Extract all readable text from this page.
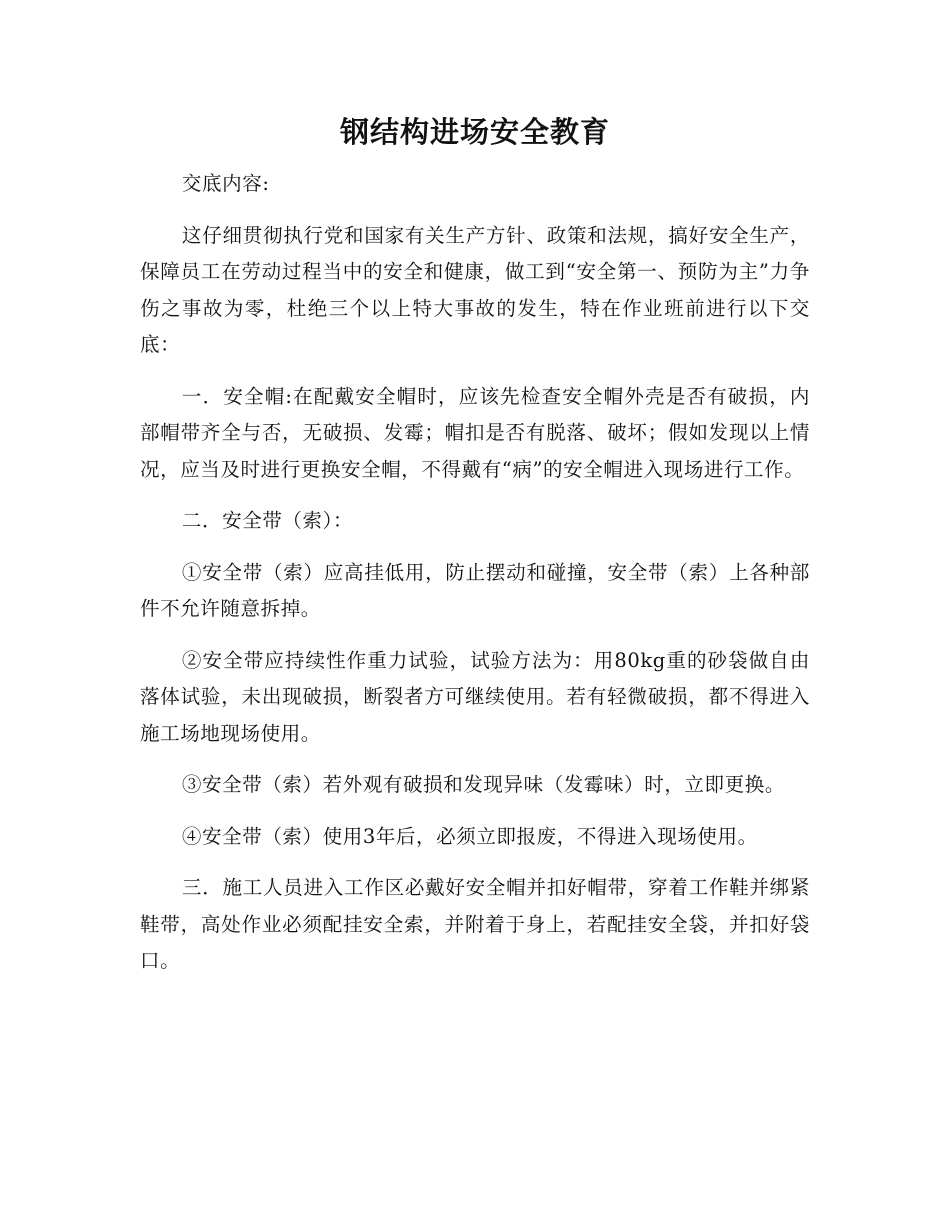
钢结构进场安全教育

交底内容:

这仔细贯彻执行党和国家有关生产方针、政策和法规，搞好安全生产，保障员工在劳动过程当中的安全和健康，做工到“安全第一、预防为主”力争伤之事故为零，杜绝三个以上特大事故的发生，特在作业班前进行以下交底：

一．安全帽:在配戴安全帽时，应该先检查安全帽外壳是否有破损，内部帽带齐全与否，无破损、发霉；帽扣是否有脱落、破坏；假如发现以上情况，应当及时进行更换安全帽，不得戴有“病”的安全帽进入现场进行工作。

二．安全带（索）：

①安全带（索）应高挂低用，防止摆动和碰撞，安全带（索）上各种部件不允许随意拆掉。

②安全带应持续性作重力试验，试验方法为：用80kg重的砂袋做自由落体试验，未出现破损，断裂者方可继续使用。若有轻微破损，都不得进入施工场地现场使用。

③安全带（索）若外观有破损和发现异味（发霉味）时，立即更换。

④安全带（索）使用3年后，必须立即报废，不得进入现场使用。

三．施工人员进入工作区必戴好安全帽并扣好帽带，穿着工作鞋并绑紧鞋带，高处作业必须配挂安全索，并附着于身上，若配挂安全袋，并扣好袋口。
